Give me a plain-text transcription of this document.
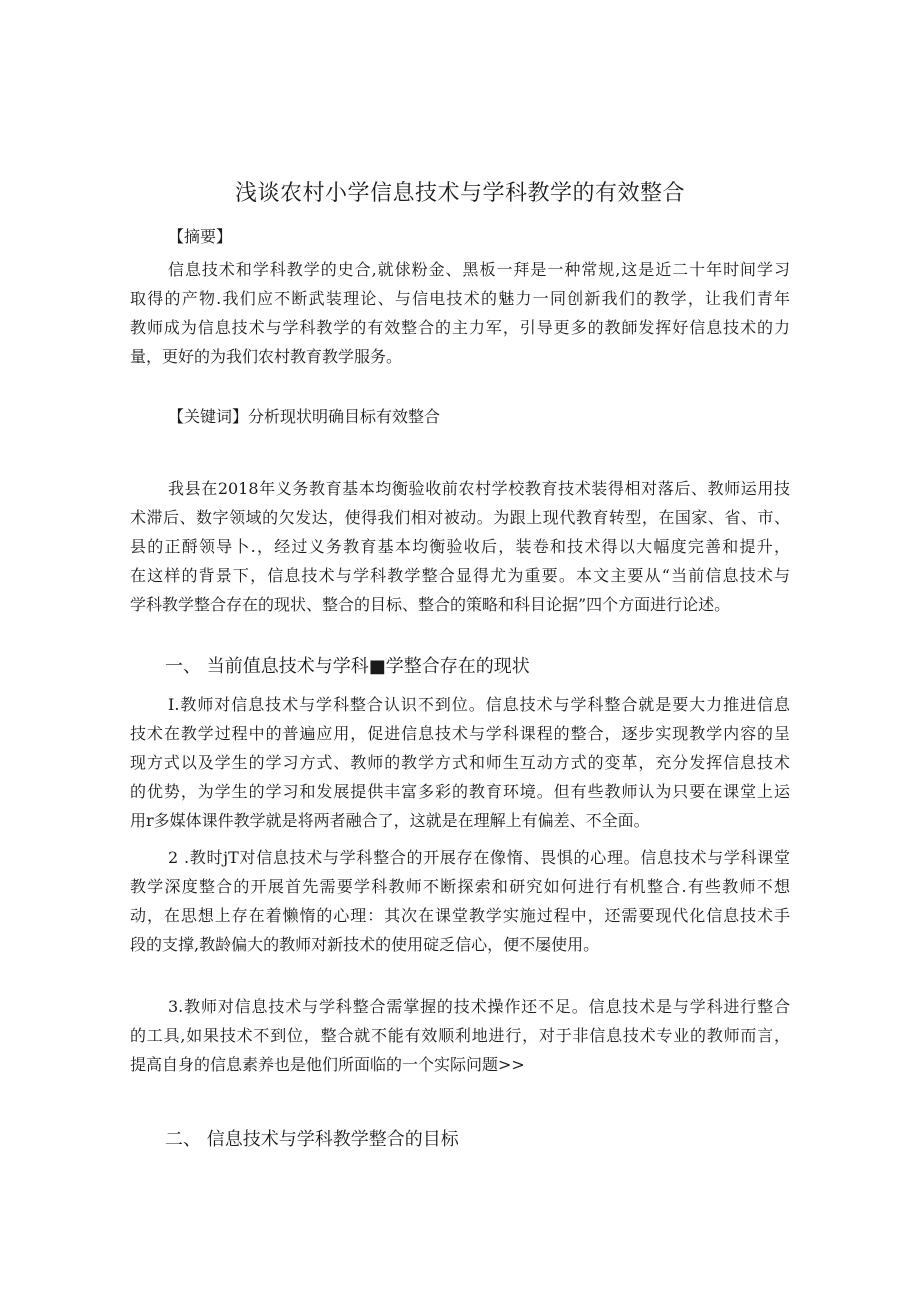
浅谈农村小学信息技术与学科教学的有效整合
【摘要】
信息技术和学科教学的史合,就俅粉金、黑板一拜是一种常规,这是近二十年时间学习
取得的产物.我们应不断武装理论、与信电技术的魅力一同创新我们的教学，让我们青年
教师成为信息技术与学科教学的有效整合的主力军，引导更多的教師发挥好信息技术的力
量，更好的为我们农村教育教学服务。
【关键词】分析现状明确目标有效整合
我县在2018年义务教育基本均衡验收前农村学校教育技术装得相对落后、教师运用技
术滞后、数字领域的欠发达，使得我们相对被动。为跟上现代教育转型，在国家、省、市、
县的正酹领导卜.，经过义务教育基本均衡验收后，装卷和技术得以大幅度完善和提升，
在这样的背景下，信息技术与学科教学整合显得尤为重要。本文主要从“当前信息技术与
学科教学整合存在的现状、整合的目标、整合的策略和科目论据”四个方面进行论述。
一、 当前值息技术与学科■学整合存在的现状
I.教师对信息技术与学科整合认识不到位。信息技术与学科整合就是要大力推进信息
技术在教学过程中的普遍应用，促进信息技术与学科课程的整合，逐步实现教学内容的呈
现方式以及学生的学习方式、教师的教学方式和师生互动方式的变革，充分发挥信息技术
的优势，为学生的学习和发展提供丰富多彩的教育环境。但有些教师认为只要在课堂上运
用r多媒体课件教学就是将两者融合了，这就是在理解上有偏差、不全面。
2 .教时jT对信息技术与学科整合的开展存在像惰、畏惧的心理。信息技术与学科课堂
教学深度整合的开展首先需要学科教师不断探索和研究如何进行有机整合.有些教师不想
动，在思想上存在着懒惰的心理：其次在课堂教学实施过程中，还需要现代化信息技术手
段的支撑,教龄偏大的教师对新技术的使用碇乏信心，便不屡使用。
3.教师对信息技术与学科整合需掌握的技术操作还不足。信息技术是与学科进行整合
的工具,如果技术不到位，整合就不能有效顺利地进行，对于非信息技术专业的教师而言，
提高自身的信息素养也是他们所面临的一个实际问题>>
二、 信息技术与学科教学整合的目标
